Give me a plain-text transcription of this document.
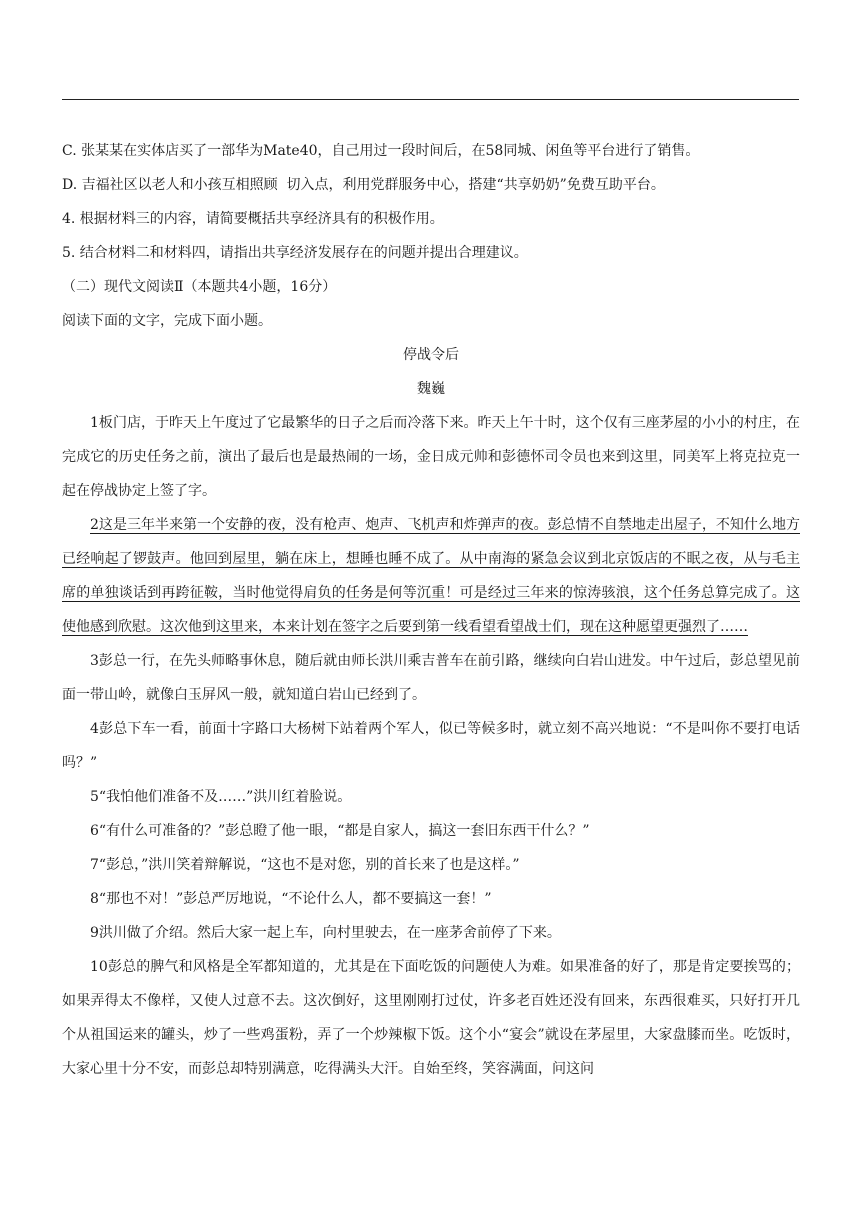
C. 张某某在实体店买了一部华为Mate40，自己用过一段时间后，在58同城、闲鱼等平台进行了销售。

D. 吉福社区以老人和小孩互相照顾  切入点，利用党群服务中心，搭建“共享奶奶”免费互助平台。

4. 根据材料三的内容，请简要概括共享经济具有的积极作用。

5. 结合材料二和材料四，请指出共享经济发展存在的问题并提出合理建议。

（二）现代文阅读Ⅱ（本题共4小题，16分）

阅读下面的文字，完成下面小题。

停战令后

魏巍

1板门店，于昨天上午度过了它最繁华的日子之后而冷落下来。昨天上午十时，这个仅有三座茅屋的小小的村庄，在完成它的历史任务之前，演出了最后也是最热闹的一场，金日成元帅和彭德怀司令员也来到这里，同美军上将克拉克一起在停战协定上签了字。

2这是三年半来第一个安静的夜，没有枪声、炮声、飞机声和炸弹声的夜。彭总情不自禁地走出屋子，不知什么地方已经响起了锣鼓声。他回到屋里，躺在床上，想睡也睡不成了。从中南海的紧急会议到北京饭店的不眠之夜，从与毛主席的单独谈话到再跨征鞍，当时他觉得肩负的任务是何等沉重！可是经过三年来的惊涛骇浪，这个任务总算完成了。这使他感到欣慰。这次他到这里来，本来计划在签字之后要到第一线看望看望战士们，现在这种愿望更强烈了……

3彭总一行，在先头师略事休息，随后就由师长洪川乘吉普车在前引路，继续向白岩山进发。中午过后，彭总望见前面一带山岭，就像白玉屏风一般，就知道白岩山已经到了。

4彭总下车一看，前面十字路口大杨树下站着两个军人，似已等候多时，就立刻不高兴地说：“不是叫你不要打电话吗？”

5“我怕他们准备不及……”洪川红着脸说。

6“有什么可准备的？”彭总瞪了他一眼，“都是自家人，搞这一套旧东西干什么？”

7“彭总，”洪川笑着辩解说，“这也不是对您，别的首长来了也是这样。”

8“那也不对！”彭总严厉地说，“不论什么人，都不要搞这一套！”

9洪川做了介绍。然后大家一起上车，向村里驶去，在一座茅舍前停了下来。

10彭总的脾气和风格是全军都知道的，尤其是在下面吃饭的问题使人为难。如果准备的好了，那是肯定要挨骂的；如果弄得太不像样，又使人过意不去。这次倒好，这里刚刚打过仗，许多老百姓还没有回来，东西很难买，只好打开几个从祖国运来的罐头，炒了一些鸡蛋粉，弄了一个炒辣椒下饭。这个小“宴会”就设在茅屋里，大家盘膝而坐。吃饭时，大家心里十分不安，而彭总却特别满意，吃得满头大汗。自始至终，笑容满面，问这问
